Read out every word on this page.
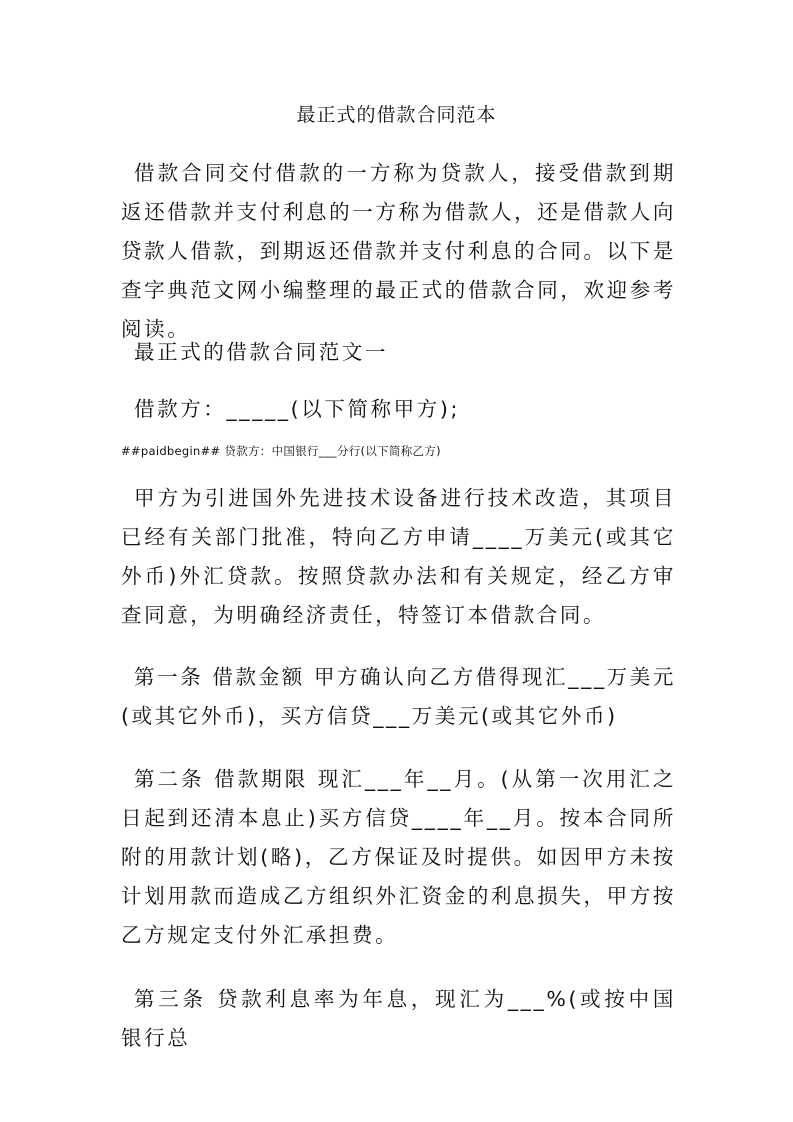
最正式的借款合同范本
借款合同交付借款的一方称为贷款人，接受借款到期返还借款并支付利息的一方称为借款人，还是借款人向贷款人借款，到期返还借款并支付利息的合同。以下是查字典范文网小编整理的最正式的借款合同，欢迎参考阅读。
最正式的借款合同范文一
借款方：_____(以下简称甲方);
##paidbegin## 贷款方：中国银行___分行(以下简称乙方)
甲方为引进国外先进技术设备进行技术改造，其项目已经有关部门批准，特向乙方申请____万美元(或其它外币)外汇贷款。按照贷款办法和有关规定，经乙方审查同意，为明确经济责任，特签订本借款合同。
第一条 借款金额 甲方确认向乙方借得现汇___万美元(或其它外币)，买方信贷___万美元(或其它外币)
第二条 借款期限 现汇___年__月。(从第一次用汇之日起到还清本息止)买方信贷____年__月。按本合同所附的用款计划(略)，乙方保证及时提供。如因甲方未按计划用款而造成乙方组织外汇资金的利息损失，甲方按乙方规定支付外汇承担费。
第三条 贷款利息率为年息，现汇为___%(或按中国银行总
